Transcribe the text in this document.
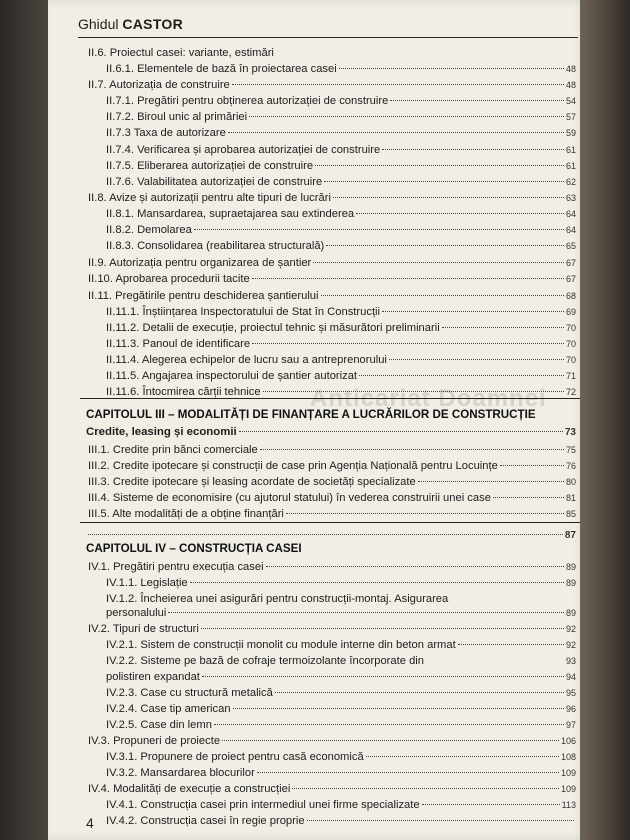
Ghidul CASTOR
Anticariat Doamnei
CAPITOLUL III – MODALITĂȚI DE FINANȚARE A LUCRĂRILOR DE CONSTRUCȚIE
Credite, leasing și economii	73
87
CAPITOLUL IV – CONSTRUCȚIA CASEI
4
II.6. Proiectul casei: variante, estimări
II.6.1. Elementele de bază în proiectarea casei	48
II.7. Autorizația de construire	48
II.7.1. Pregătiri pentru obținerea autorizației de construire	54
II.7.2. Biroul unic al primăriei	57
II.7.3 Taxa de autorizare	59
II.7.4. Verificarea și aprobarea autorizației de construire	61
II.7.5. Eliberarea autorizației de construire	61
II.7.6. Valabilitatea autorizației de construire	62
II.8. Avize și autorizații pentru alte tipuri de lucrări	63
II.8.1. Mansardarea, supraetajarea sau extinderea	64
II.8.2. Demolarea	64
II.8.3. Consolidarea (reabilitarea structurală)	65
II.9. Autorizația pentru organizarea de șantier	67
II.10. Aprobarea procedurii tacite	67
II.11. Pregătirile pentru deschiderea șantierului	68
II.11.1. Înștiințarea Inspectoratului de Stat în Construcții	69
II.11.2. Detalii de execuție, proiectul tehnic și măsurători preliminarii	70
II.11.3. Panoul de identificare	70
II.11.4. Alegerea echipelor de lucru sau a antreprenorului	70
II.11.5. Angajarea inspectorului de șantier autorizat	71
II.11.6. Întocmirea cărții tehnice	72
III.1. Credite prin bănci comerciale	75
III.2. Credite ipotecare și construcții de case prin Agenția Națională pentru Locuințe	76
III.3. Credite ipotecare și leasing acordate de societăți specializate	80
III.4. Sisteme de economisire (cu ajutorul statului) în vederea construirii unei case	81
III.5. Alte modalități de a obține finanțări	85
IV.1. Pregătiri pentru execuția casei	89
IV.1.1. Legislație	89
IV.1.2. Încheierea unei asigurări pentru construcții-montaj. Asigurarea
personalului	89
IV.2. Tipuri de structuri	92
IV.2.1. Sistem de construcții monolit cu module interne din beton armat	92
IV.2.2. Sisteme pe bază de cofraje termoizolante încorporate din	93
polistiren expandat	94
IV.2.3. Case cu structură metalică	95
IV.2.4. Case tip american	96
IV.2.5. Case din lemn	97
IV.3. Propuneri de proiecte	106
IV.3.1. Propunere de proiect pentru casă economică	108
IV.3.2. Mansardarea blocurilor	109
IV.4. Modalități de execuție a construcției	109
IV.4.1. Construcția casei prin intermediul unei firme specializate	113
IV.4.2. Construcția casei în regie proprie
